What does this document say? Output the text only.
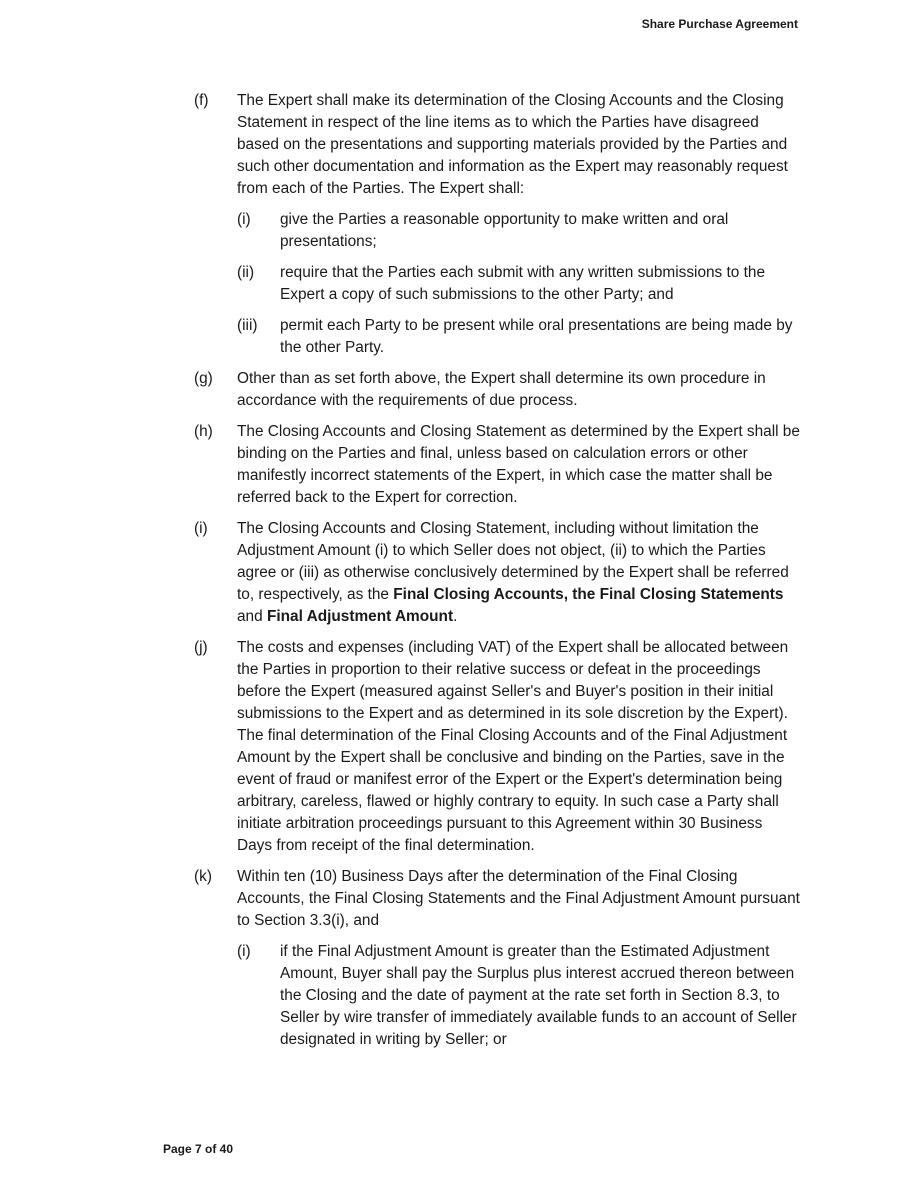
Share Purchase Agreement
(f)	The Expert shall make its determination of the Closing Accounts and the Closing Statement in respect of the line items as to which the Parties have disagreed based on the presentations and supporting materials provided by the Parties and such other documentation and information as the Expert may reasonably request from each of the Parties. The Expert shall:
(i)	give the Parties a reasonable opportunity to make written and oral presentations;
(ii)	require that the Parties each submit with any written submissions to the Expert a copy of such submissions to the other Party; and
(iii)	permit each Party to be present while oral presentations are being made by the other Party.
(g)	Other than as set forth above, the Expert shall determine its own procedure in accordance with the requirements of due process.
(h)	The Closing Accounts and Closing Statement as determined by the Expert shall be binding on the Parties and final, unless based on calculation errors or other manifestly incorrect statements of the Expert, in which case the matter shall be referred back to the Expert for correction.
(i)	The Closing Accounts and Closing Statement, including without limitation the Adjustment Amount (i) to which Seller does not object, (ii) to which the Parties agree or (iii) as otherwise conclusively determined by the Expert shall be referred to, respectively, as the Final Closing Accounts, the Final Closing Statements and Final Adjustment Amount.
(j)	The costs and expenses (including VAT) of the Expert shall be allocated between the Parties in proportion to their relative success or defeat in the proceedings before the Expert (measured against Seller's and Buyer's position in their initial submissions to the Expert and as determined in its sole discretion by the Expert). The final determination of the Final Closing Accounts and of the Final Adjustment Amount by the Expert shall be conclusive and binding on the Parties, save in the event of fraud or manifest error of the Expert or the Expert's determination being arbitrary, careless, flawed or highly contrary to equity. In such case a Party shall initiate arbitration proceedings pursuant to this Agreement within 30 Business Days from receipt of the final determination.
(k)	Within ten (10) Business Days after the determination of the Final Closing Accounts, the Final Closing Statements and the Final Adjustment Amount pursuant to Section 3.3(i), and
(i)	if the Final Adjustment Amount is greater than the Estimated Adjustment Amount, Buyer shall pay the Surplus plus interest accrued thereon between the Closing and the date of payment at the rate set forth in Section 8.3, to Seller by wire transfer of immediately available funds to an account of Seller designated in writing by Seller; or
Page 7 of 40
